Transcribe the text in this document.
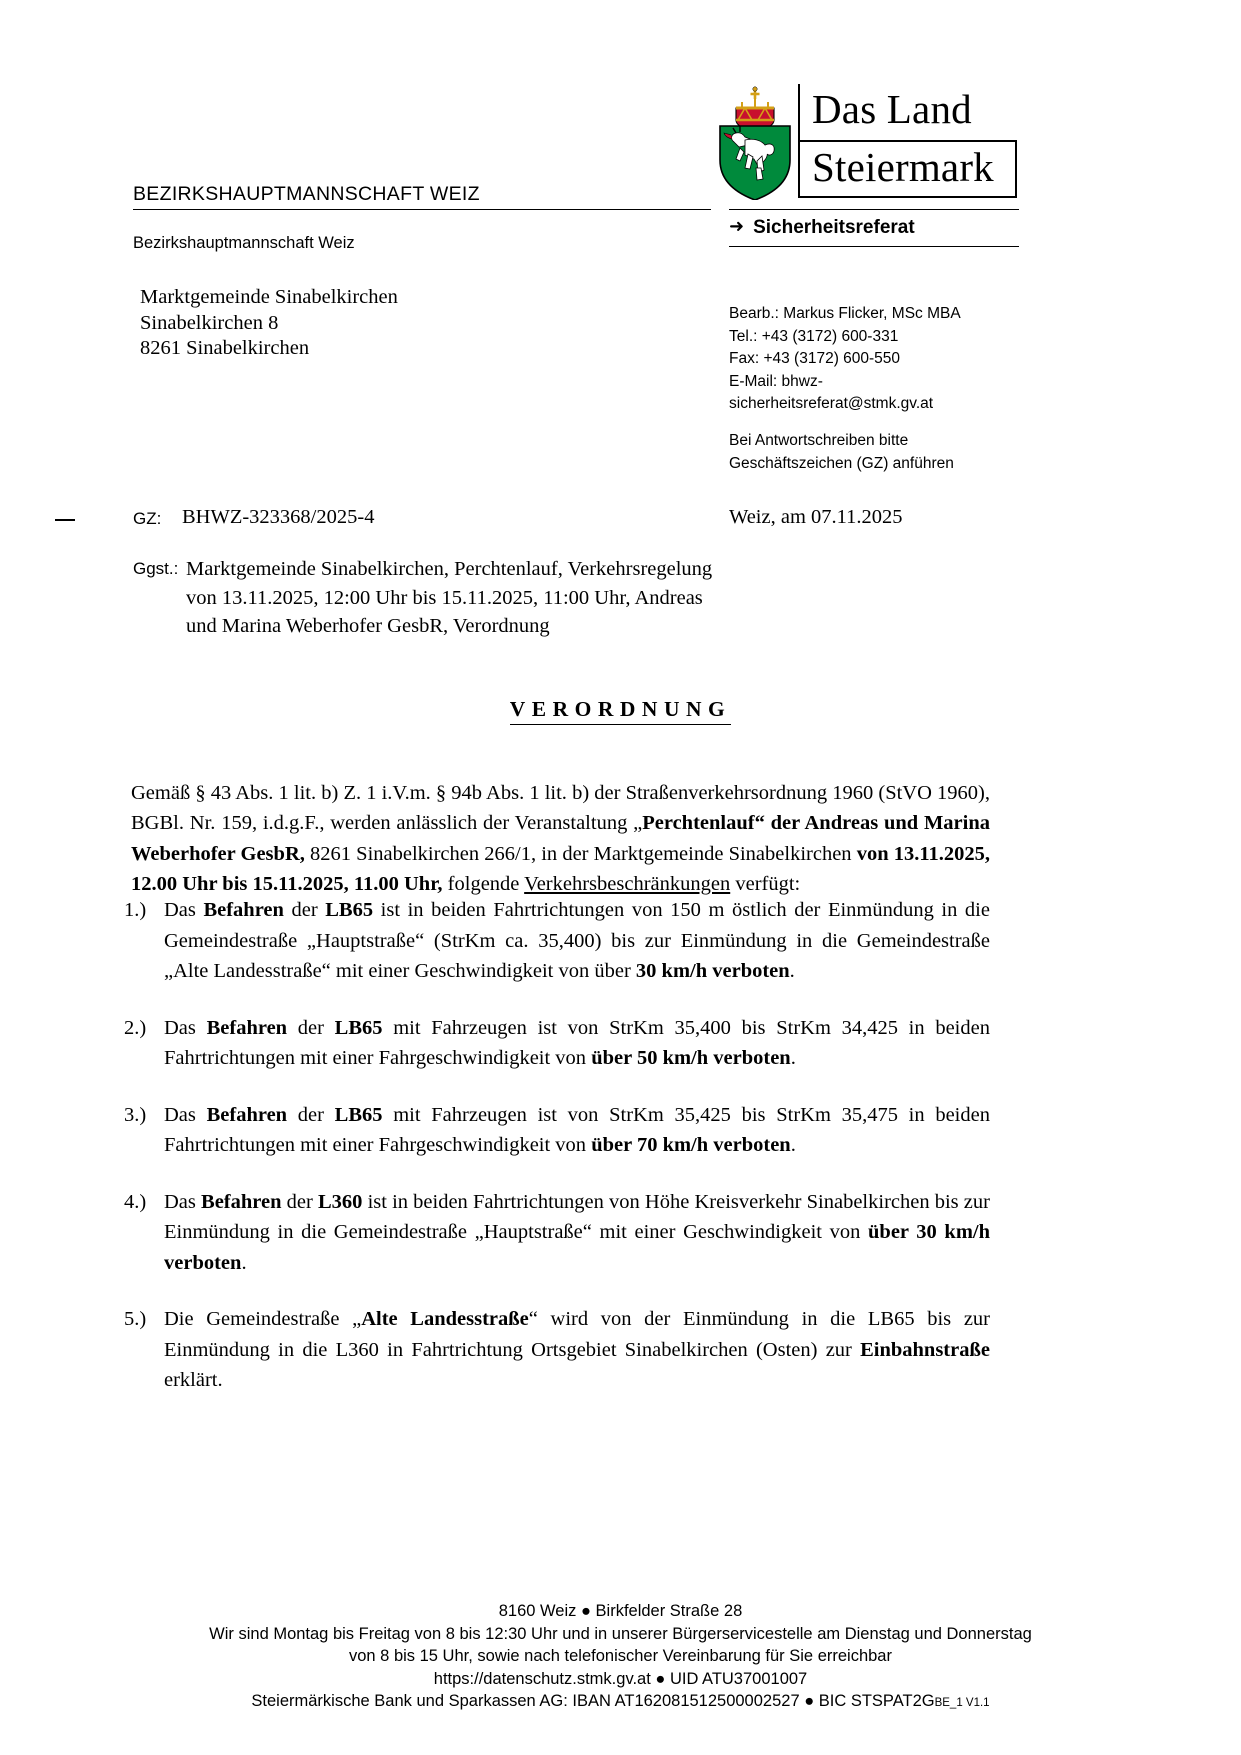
Das Land
Steiermark
BEZIRKSHAUPTMANNSCHAFT WEIZ
➜ Sicherheitsreferat
Bezirkshauptmannschaft Weiz
Marktgemeinde Sinabelkirchen
Sinabelkirchen 8
8261 Sinabelkirchen
Bearb.: Markus Flicker, MSc MBA
Tel.: +43 (3172) 600-331
Fax: +43 (3172) 600-550
E-Mail: bhwz-
sicherheitsreferat@stmk.gv.at
Bei Antwortschreiben bitte
Geschäftszeichen (GZ) anführen
GZ: BHWZ-323368/2025-4	Weiz, am 07.11.2025
Ggst.: Marktgemeinde Sinabelkirchen, Perchtenlauf, Verkehrsregelung
von 13.11.2025, 12:00 Uhr bis 15.11.2025, 11:00 Uhr, Andreas
und Marina Weberhofer GesbR, Verordnung
VERORDNUNG

Gemäß § 43 Abs. 1 lit. b) Z. 1 i.V.m. § 94b Abs. 1 lit. b) der Straßenverkehrsordnung 1960 (StVO 1960), BGBl. Nr. 159, i.d.g.F., werden anlässlich der Veranstaltung „Perchtenlauf“ der Andreas und Marina Weberhofer GesbR, 8261 Sinabelkirchen 266/1, in der Marktgemeinde Sinabelkirchen von 13.11.2025, 12.00 Uhr bis 15.11.2025, 11.00 Uhr, folgende Verkehrsbeschränkungen verfügt:

1.) Das Befahren der LB65 ist in beiden Fahrtrichtungen von 150 m östlich der Einmündung in die Gemeindestraße „Hauptstraße“ (StrKm ca. 35,400) bis zur Einmündung in die Gemeindestraße „Alte Landesstraße“ mit einer Geschwindigkeit von über 30 km/h verboten.
2.) Das Befahren der LB65 mit Fahrzeugen ist von StrKm 35,400 bis StrKm 34,425 in beiden Fahrtrichtungen mit einer Fahrgeschwindigkeit von über 50 km/h verboten.
3.) Das Befahren der LB65 mit Fahrzeugen ist von StrKm 35,425 bis StrKm 35,475 in beiden Fahrtrichtungen mit einer Fahrgeschwindigkeit von über 70 km/h verboten.
4.) Das Befahren der L360 ist in beiden Fahrtrichtungen von Höhe Kreisverkehr Sinabelkirchen bis zur Einmündung in die Gemeindestraße „Hauptstraße“ mit einer Geschwindigkeit von über 30 km/h verboten.
5.) Die Gemeindestraße „Alte Landesstraße“ wird von der Einmündung in die LB65 bis zur Einmündung in die L360 in Fahrtrichtung Ortsgebiet Sinabelkirchen (Osten) zur Einbahnstraße erklärt.
8160 Weiz ● Birkfelder Straße 28
Wir sind Montag bis Freitag von 8 bis 12:30 Uhr und in unserer Bürgerservicestelle am Dienstag und Donnerstag
von 8 bis 15 Uhr, sowie nach telefonischer Vereinbarung für Sie erreichbar
https://datenschutz.stmk.gv.at ● UID ATU37001007
Steiermärkische Bank und Sparkassen AG: IBAN AT162081512500002527 ● BIC STSPAT2GBE_1 V1.1
